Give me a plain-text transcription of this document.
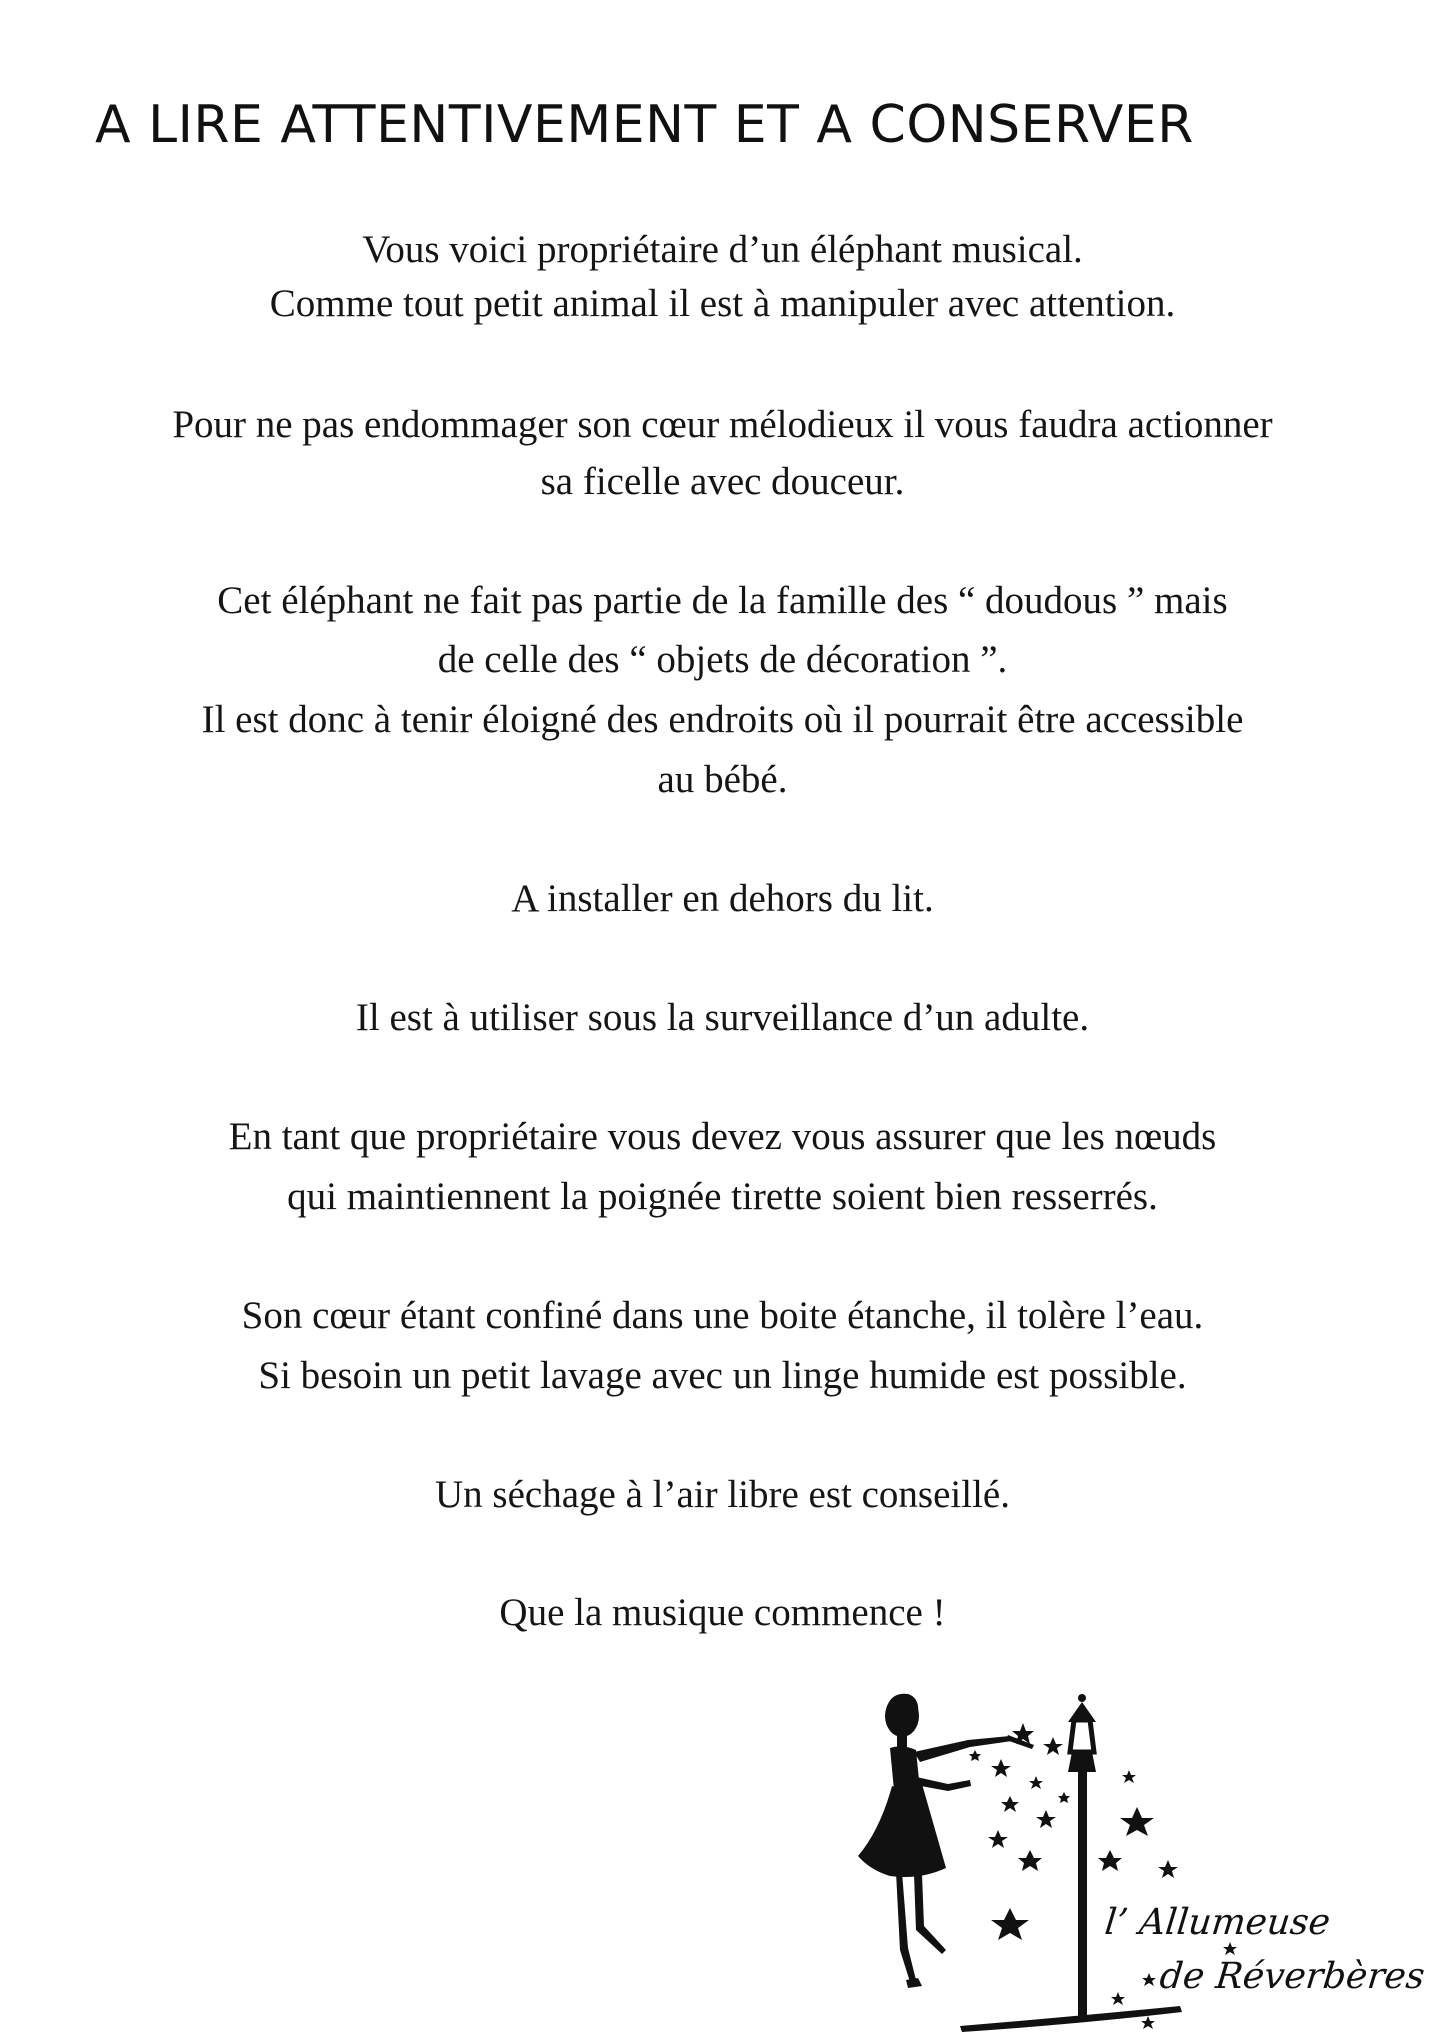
A LIRE ATTENTIVEMENT ET A CONSERVER

Vous voici propriétaire d’un éléphant musical.

Comme tout petit animal il est à manipuler avec attention.

Pour ne pas endommager son cœur mélodieux il vous faudra actionner

sa ficelle avec douceur.

Cet éléphant ne fait pas partie de la famille des “ doudous ” mais

de celle des “ objets de décoration ”.

Il est donc à tenir éloigné des endroits où il pourrait être accessible

au bébé.

A installer en dehors du lit.

Il est à utiliser sous la surveillance d’un adulte.

En tant que propriétaire vous devez vous assurer que les nœuds

qui maintiennent la poignée tirette soient bien resserrés.

Son cœur étant confiné dans une boite étanche, il tolère l’eau.

Si besoin un petit lavage avec un linge humide est possible.

Un séchage à l’air libre est conseillé.

Que la musique commence !

l’ Allumeuse
de Réverbères
